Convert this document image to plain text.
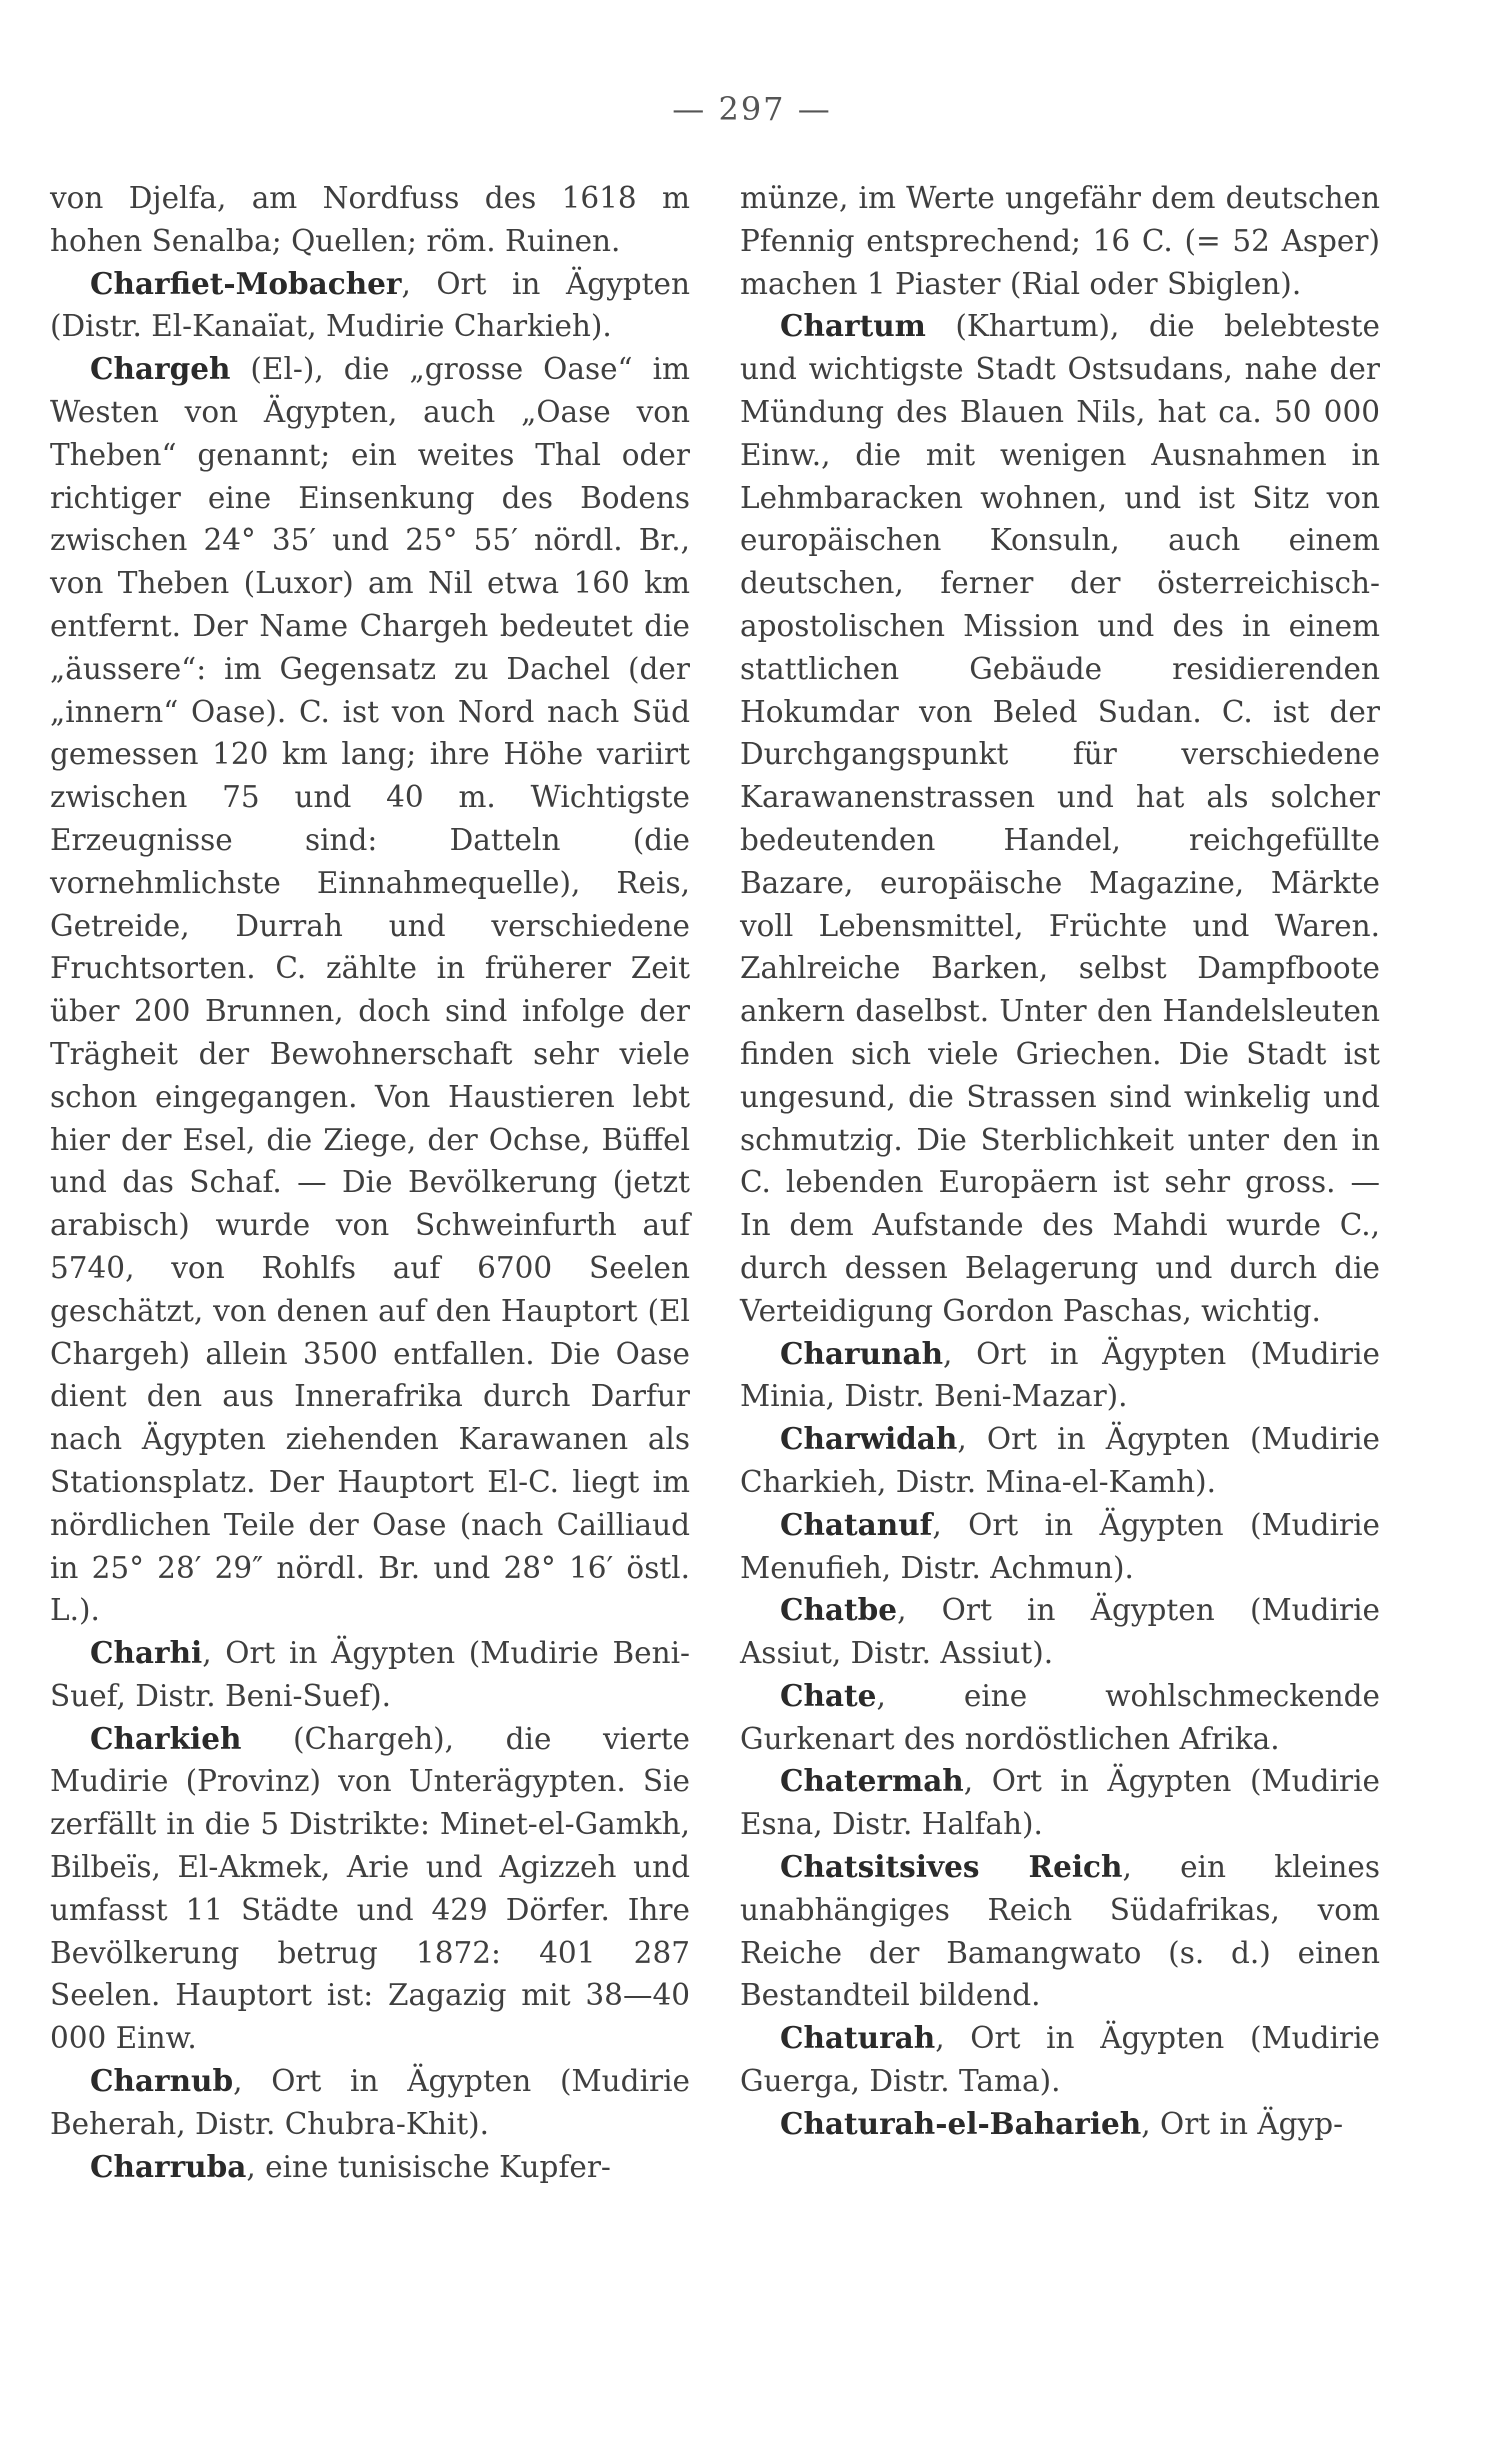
— 297 —

von Djelfa, am Nordfuss des 1618 m hohen Senalba; Quellen; röm. Ruinen.

Charfiet-Mobacher, Ort in Ägypten (Distr. El-Kanaïat, Mudirie Charkieh).

Chargeh (El-), die „grosse Oase“ im Westen von Ägypten, auch „Oase von Theben“ genannt; ein weites Thal oder richtiger eine Einsenkung des Bodens zwischen 24° 35′ und 25° 55′ nördl. Br., von Theben (Luxor) am Nil etwa 160 km entfernt. Der Name Chargeh bedeutet die „äussere“: im Gegensatz zu Dachel (der „innern“ Oase). C. ist von Nord nach Süd gemessen 120 km lang; ihre Höhe variirt zwischen 75 und 40 m. Wichtigste Erzeugnisse sind: Datteln (die vornehmlichste Einnahmequelle), Reis, Getreide, Durrah und verschiedene Fruchtsorten. C. zählte in früherer Zeit über 200 Brunnen, doch sind infolge der Trägheit der Bewohnerschaft sehr viele schon eingegangen. Von Haustieren lebt hier der Esel, die Ziege, der Ochse, Büffel und das Schaf. — Die Bevölkerung (jetzt arabisch) wurde von Schweinfurth auf 5740, von Rohlfs auf 6700 Seelen geschätzt, von denen auf den Hauptort (El Chargeh) allein 3500 entfallen. Die Oase dient den aus Innerafrika durch Darfur nach Ägypten ziehenden Karawanen als Stationsplatz. Der Hauptort El-C. liegt im nördlichen Teile der Oase (nach Cailliaud in 25° 28′ 29″ nördl. Br. und 28° 16′ östl. L.).

Charhi, Ort in Ägypten (Mudirie Beni-Suef, Distr. Beni-Suef).

Charkieh (Chargeh), die vierte Mudirie (Provinz) von Unterägypten. Sie zerfällt in die 5 Distrikte: Minet-el-Gamkh, Bilbeïs, El-Akmek, Arie und Agizzeh und umfasst 11 Städte und 429 Dörfer. Ihre Bevölkerung betrug 1872: 401 287 Seelen. Hauptort ist: Zagazig mit 38—40 000 Einw.

Charnub, Ort in Ägypten (Mudirie Beherah, Distr. Chubra-Khit).

Charruba, eine tunisische Kupfer-

münze, im Werte ungefähr dem deutschen Pfennig entsprechend; 16 C. (= 52 Asper) machen 1 Piaster (Rial oder Sbiglen).

Chartum (Khartum), die belebteste und wichtigste Stadt Ostsudans, nahe der Mündung des Blauen Nils, hat ca. 50 000 Einw., die mit wenigen Ausnahmen in Lehmbaracken wohnen, und ist Sitz von europäischen Konsuln, auch einem deutschen, ferner der österreichisch-apostolischen Mission und des in einem stattlichen Gebäude residierenden Hokumdar von Beled Sudan. C. ist der Durchgangspunkt für verschiedene Karawanenstrassen und hat als solcher bedeutenden Handel, reichgefüllte Bazare, europäische Magazine, Märkte voll Lebensmittel, Früchte und Waren. Zahlreiche Barken, selbst Dampfboote ankern daselbst. Unter den Handelsleuten finden sich viele Griechen. Die Stadt ist ungesund, die Strassen sind winkelig und schmutzig. Die Sterblichkeit unter den in C. lebenden Europäern ist sehr gross. — In dem Aufstande des Mahdi wurde C., durch dessen Belagerung und durch die Verteidigung Gordon Paschas, wichtig.

Charunah, Ort in Ägypten (Mudirie Minia, Distr. Beni-Mazar).

Charwidah, Ort in Ägypten (Mudirie Charkieh, Distr. Mina-el-Kamh).

Chatanuf, Ort in Ägypten (Mudirie Menufieh, Distr. Achmun).

Chatbe, Ort in Ägypten (Mudirie Assiut, Distr. Assiut).

Chate, eine wohlschmeckende Gurkenart des nordöstlichen Afrika.

Chatermah, Ort in Ägypten (Mudirie Esna, Distr. Halfah).

Chatsitsives Reich, ein kleines unabhängiges Reich Südafrikas, vom Reiche der Bamangwato (s. d.) einen Bestandteil bildend.

Chaturah, Ort in Ägypten (Mudirie Guerga, Distr. Tama).

Chaturah-el-Baharieh, Ort in Ägyp-
